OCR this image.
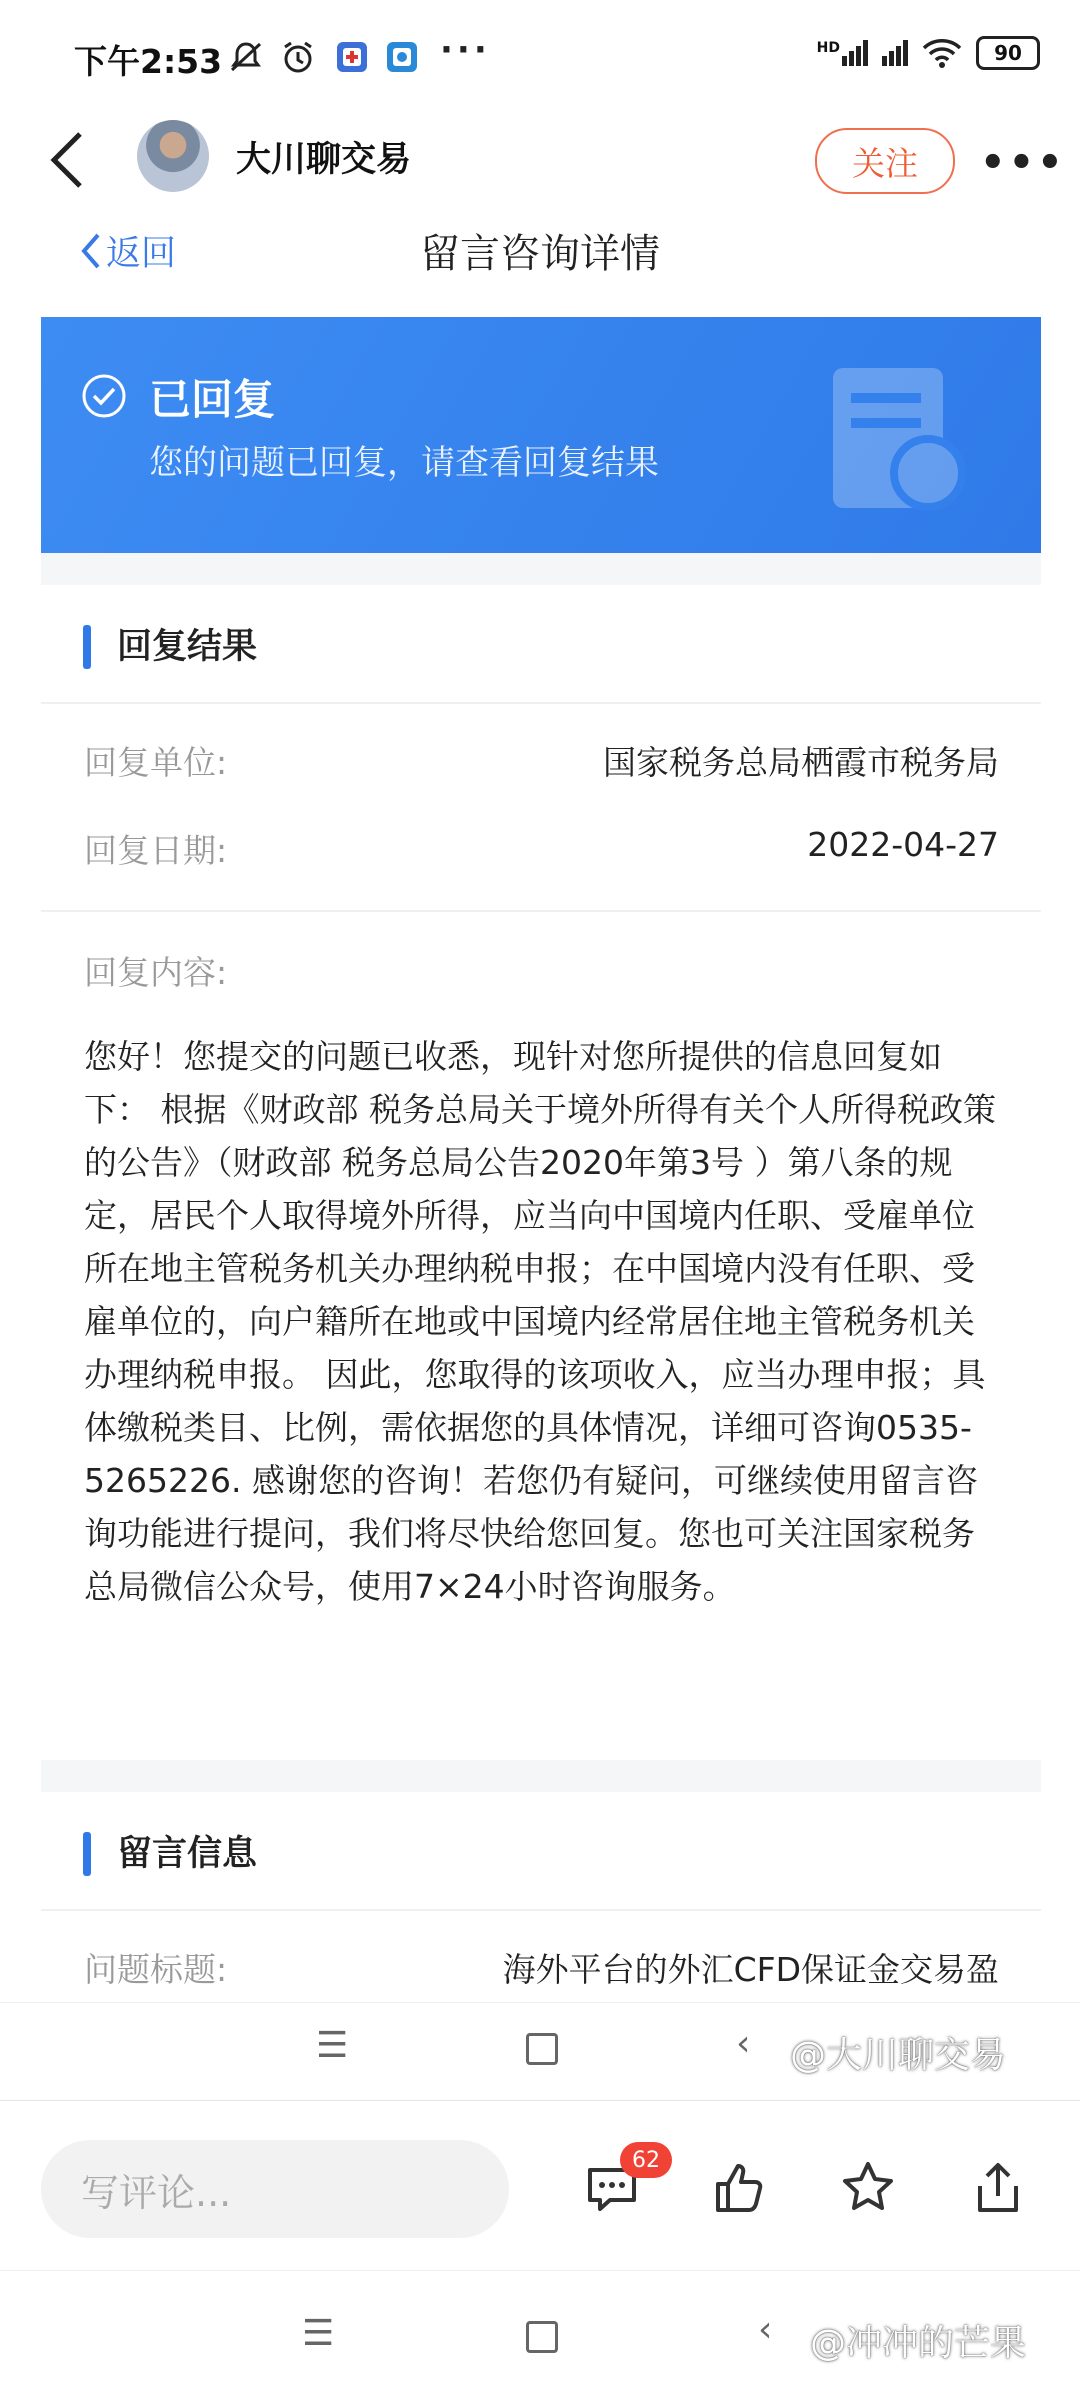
下午2:53	···	HD	90
大川聊交易	关注	•••
返回	留言咨询详情
已回复
您的问题已回复，请查看回复结果
回复结果
回复单位:	国家税务总局栖霞市税务局
回复日期:	2022-04-27
回复内容:
您好！您提交的问题已收悉，现针对您所提供的信息回复如下： 根据《财政部 税务总局关于境外所得有关个人所得税政策的公告》（财政部 税务总局公告2020年第3号 ）第八条的规定，居民个人取得境外所得，应当向中国境内任职、受雇单位所在地主管税务机关办理纳税申报；在中国境内没有任职、受雇单位的，向户籍所在地或中国境内经常居住地主管税务机关办理纳税申报。 因此，您取得的该项收入，应当办理申报；具体缴税类目、比例，需依据您的具体情况，详细可咨询0535-5265226. 感谢您的咨询！若您仍有疑问，可继续使用留言咨询功能进行提问，我们将尽快给您回复。您也可关注国家税务总局微信公众号，使用7×24小时咨询服务。
留言信息
问题标题:	海外平台的外汇CFD保证金交易盈
☰	‹ @大川聊交易
写评论...
62
☰	‹ @冲冲的芒果
